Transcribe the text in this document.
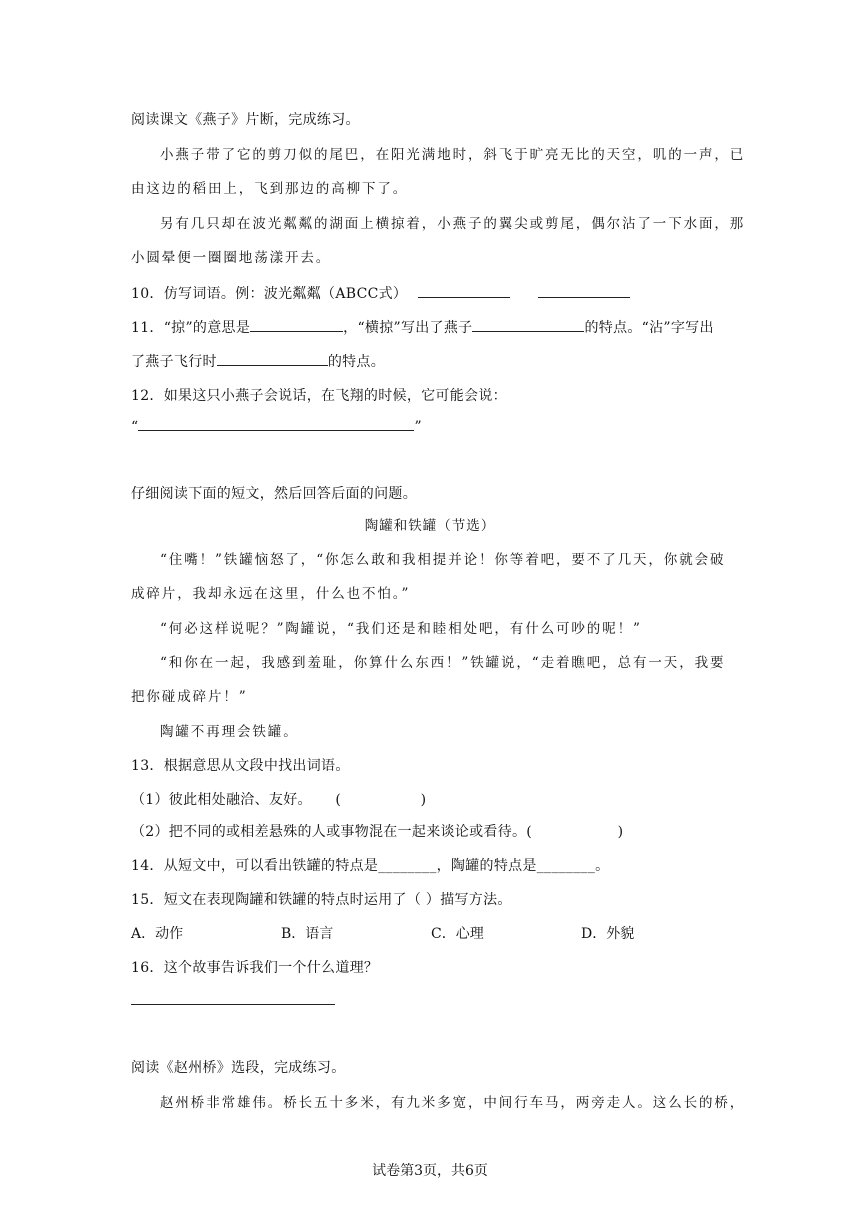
阅读课文《燕子》片断，完成练习。
小燕子带了它的剪刀似的尾巴，在阳光满地时，斜飞于旷亮无比的天空，叽的一声，已
由这边的稻田上，飞到那边的高柳下了。
另有几只却在波光粼粼的湖面上横掠着，小燕子的翼尖或剪尾，偶尔沾了一下水面，那
小圆晕便一圈圈地荡漾开去。
10．仿写词语。例：波光粼粼（ABCC式）
11．“掠”的意思是	，“横掠”写出了燕子	的特点。“沾”字写出
了燕子飞行时	的特点。
12．如果这只小燕子会说话，在飞翔的时候，它可能会说：
“	”
仔细阅读下面的短文，然后回答后面的问题。
陶罐和铁罐（节选）
“住嘴！”铁罐恼怒了，“你怎么敢和我相提并论！你等着吧，要不了几天，你就会破
成碎片，我却永远在这里，什么也不怕。”
“何必这样说呢？”陶罐说，“我们还是和睦相处吧，有什么可吵的呢！”
“和你在一起，我感到羞耻，你算什么东西！”铁罐说，“走着瞧吧，总有一天，我要
把你碰成碎片！”
陶罐不再理会铁罐。
13．根据意思从文段中找出词语。
（1）彼此相处融洽、友好。 (	)
（2）把不同的或相差悬殊的人或事物混在一起来谈论或看待。(	)
14．从短文中，可以看出铁罐的特点是________，陶罐的特点是________。
15．短文在表现陶罐和铁罐的特点时运用了（ ）描写方法。
A．动作	B．语言	C．心理	D．外貌
16．这个故事告诉我们一个什么道理？
阅读《赵州桥》选段，完成练习。
赵州桥非常雄伟。桥长五十多米，有九米多宽，中间行车马，两旁走人。这么长的桥，
试卷第3页，共6页
